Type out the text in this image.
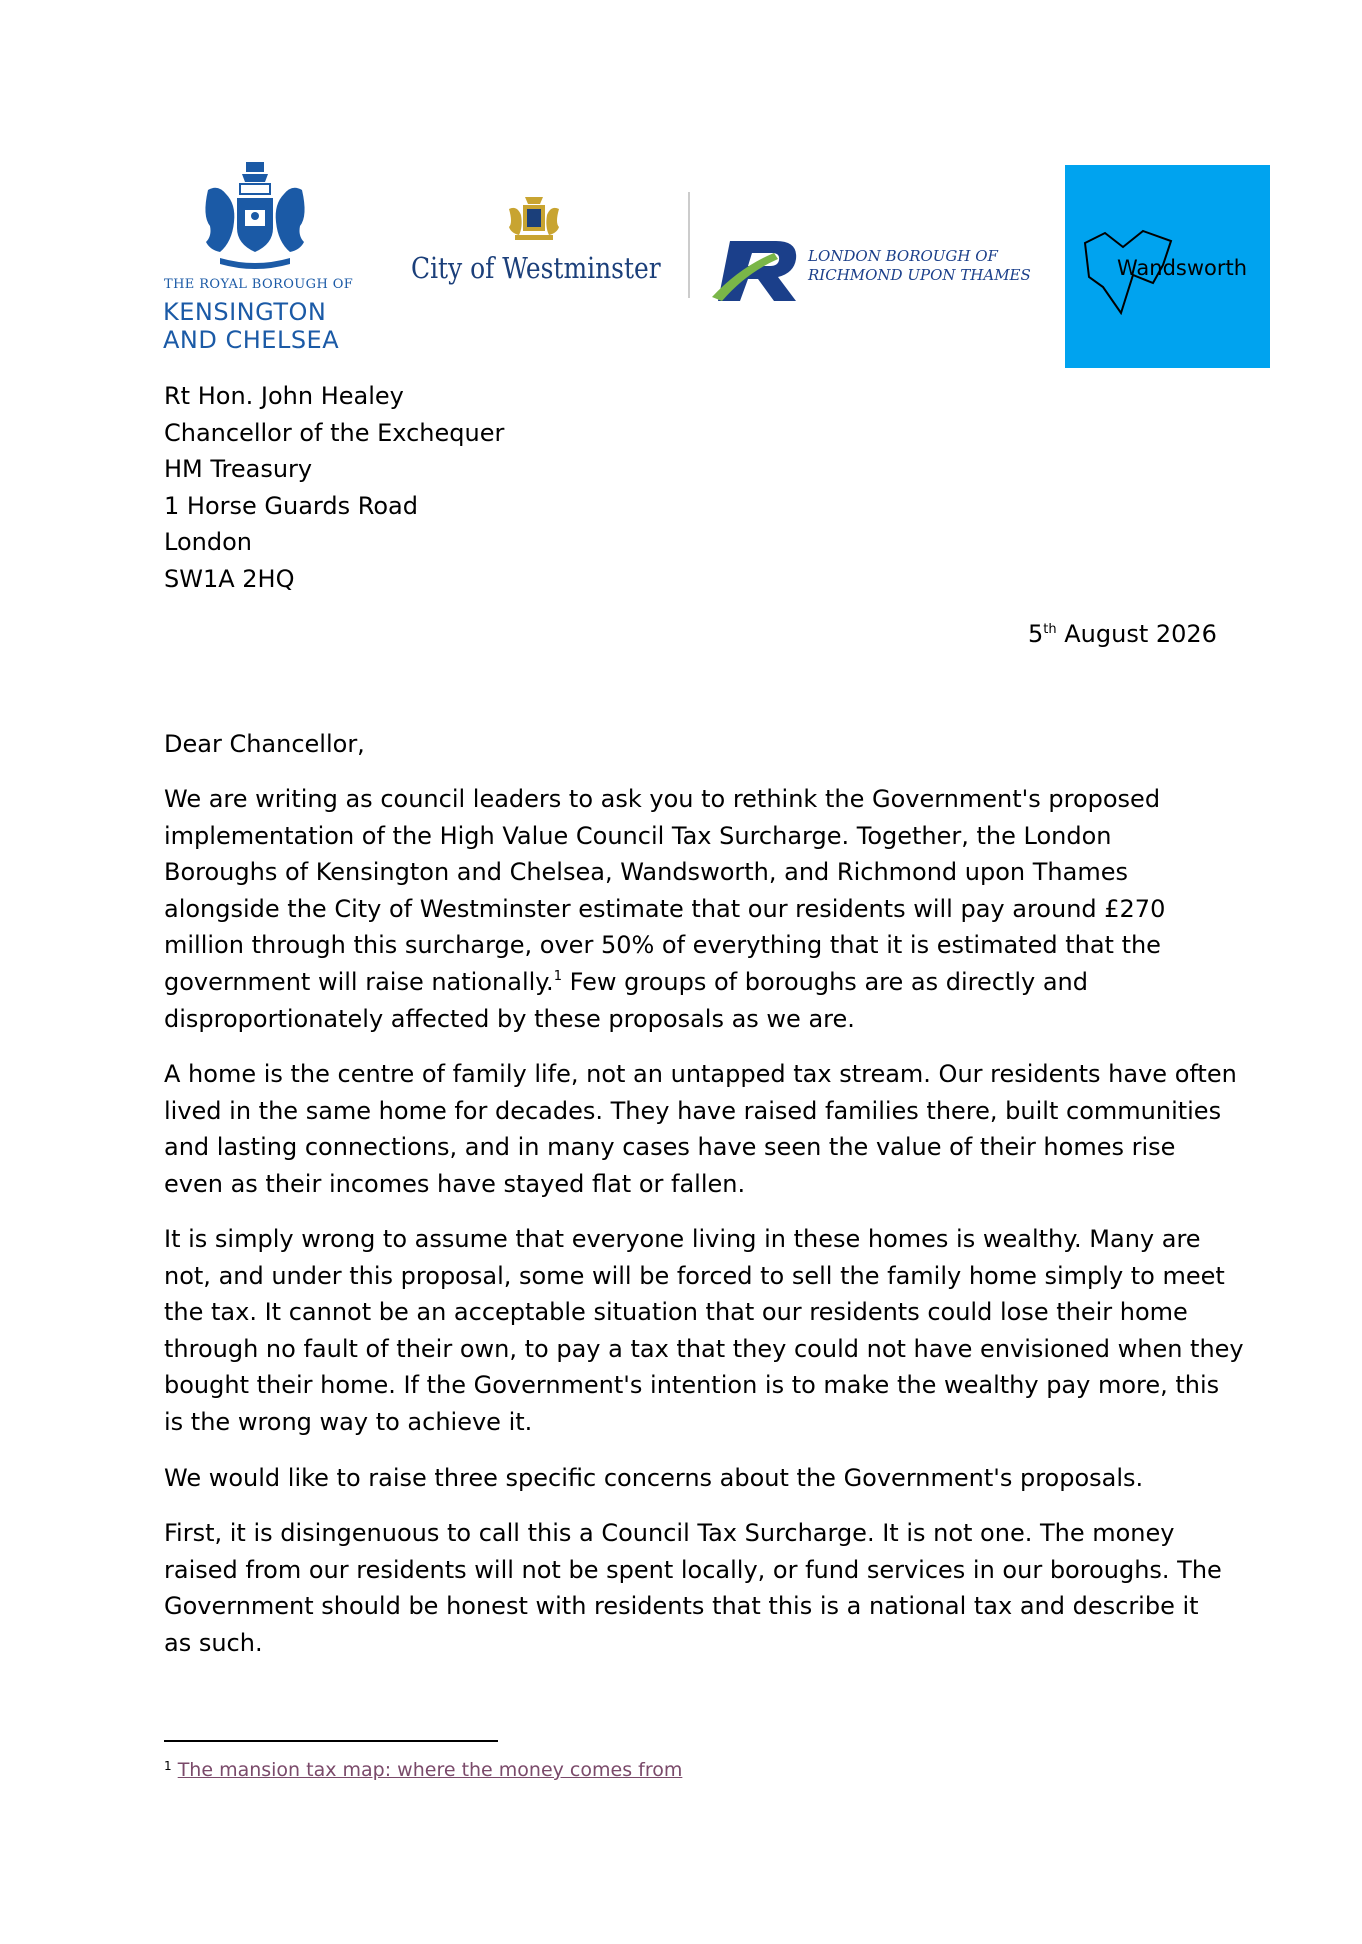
THE ROYAL BOROUGH OF
KENSINGTON
AND CHELSEA
City of Westminster	LONDON BOROUGH OF
RICHMOND UPON THAMES	Wandsworth
Rt Hon. John Healey
Chancellor of the Exchequer
HM Treasury
1 Horse Guards Road
London
SW1A 2HQ
5th August 2026
Dear Chancellor,
We are writing as council leaders to ask you to rethink the Government's proposed
implementation of the High Value Council Tax Surcharge. Together, the London
Boroughs of Kensington and Chelsea, Wandsworth, and Richmond upon Thames
alongside the City of Westminster estimate that our residents will pay around £270
million through this surcharge, over 50% of everything that it is estimated that the
government will raise nationally.$^1$ Few groups of boroughs are as directly and
disproportionately affected by these proposals as we are.
A home is the centre of family life, not an untapped tax stream. Our residents have often
lived in the same home for decades. They have raised families there, built communities
and lasting connections, and in many cases have seen the value of their homes rise
even as their incomes have stayed flat or fallen.
It is simply wrong to assume that everyone living in these homes is wealthy. Many are
not, and under this proposal, some will be forced to sell the family home simply to meet
the tax. It cannot be an acceptable situation that our residents could lose their home
through no fault of their own, to pay a tax that they could not have envisioned when they
bought their home. If the Government's intention is to make the wealthy pay more, this
is the wrong way to achieve it.
We would like to raise three specific concerns about the Government's proposals.
First, it is disingenuous to call this a Council Tax Surcharge. It is not one. The money
raised from our residents will not be spent locally, or fund services in our boroughs. The
Government should be honest with residents that this is a national tax and describe it
as such.
$^1$ The mansion tax map: where the money comes from
